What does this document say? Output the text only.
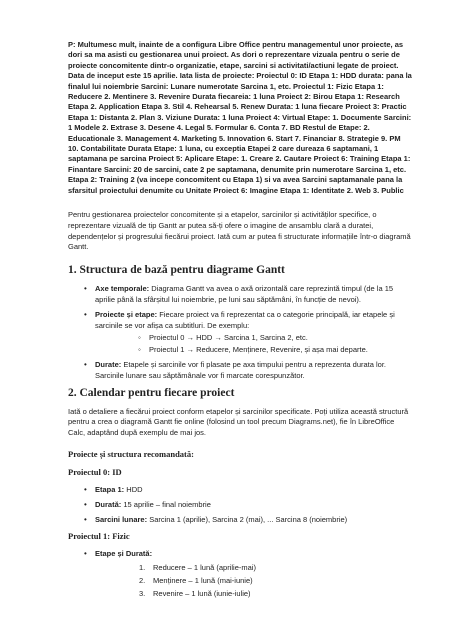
P: Multumesc mult, inainte de a configura Libre Office pentru managementul unor proiecte, as dori sa ma asisti cu gestionarea unui proiect. As dori o reprezentare vizuala pentru o serie de proiecte concomitente dintr-o organizatie, etape, sarcini si activitati/actiuni legate de proiect. Data de inceput este 15 aprilie. Iata lista de proiecte: Proiectul 0: ID Etapa 1: HDD durata: pana la finalul lui noiembrie Sarcini: Lunare numerotate Sarcina 1, etc. Proiectul 1: Fizic Etapa 1: Reducere 2. Mentinere 3. Revenire Durata fiecareia: 1 luna Proiect 2: Birou Etapa 1: Research Etapa 2. Application Etapa 3. Stil 4. Rehearsal 5. Renew Durata: 1 luna fiecare Proiect 3: Practic Etapa 1: Distanta 2. Plan 3. Viziune Durata: 1 luna Proiect 4: Virtual Etape: 1. Documente Sarcini: 1 Modele 2. Extrase 3. Desene 4. Legal 5. Formular 6. Conta 7. BD Restul de Etape: 2. Educationale 3. Management 4. Marketing 5. Innovation 6. Start 7. Financiar 8. Strategie 9. PM 10. Contabilitate Durata Etape: 1 luna, cu exceptia Etapei 2 care dureaza 6 saptamani, 1 saptamana pe sarcina Proiect 5: Aplicare Etape: 1. Creare 2. Cautare Proiect 6: Training Etapa 1: Finantare Sarcini: 20 de sarcini, cate 2 pe saptamana, denumite prin numerotare Sarcina 1, etc. Etapa 2: Training 2 (va incepe concomitent cu Etapa 1) si va avea Sarcini saptamanale pana la sfarsitul proiectului denumite cu Unitate Proiect 6: Imagine Etapa 1: Identitate 2. Web 3. Public

Pentru gestionarea proiectelor concomitente și a etapelor, sarcinilor și activităților specifice, o reprezentare vizuală de tip Gantt ar putea să-ți ofere o imagine de ansamblu clară a duratei, dependențelor și progresului fiecărui proiect. Iată cum ar putea fi structurate informațiile într-o diagramă Gantt.

1. Structura de bază pentru diagrame Gantt
• Axe temporale: Diagrama Gantt va avea o axă orizontală care reprezintă timpul (de la 15 aprilie până la sfârșitul lui noiembrie, pe luni sau săptămâni, în funcție de nevoi).
• Proiecte și etape: Fiecare proiect va fi reprezentat ca o categorie principală, iar etapele și sarcinile se vor afișa ca subtitluri. De exemplu:
◦ Proiectul 0 → HDD → Sarcina 1, Sarcina 2, etc.
◦ Proiectul 1 → Reducere, Menținere, Revenire, și așa mai departe.
• Durate: Etapele și sarcinile vor fi plasate pe axa timpului pentru a reprezenta durata lor. Sarcinile lunare sau săptămânale vor fi marcate corespunzător.
2. Calendar pentru fiecare proiect

Iată o detaliere a fiecărui proiect conform etapelor și sarcinilor specificate. Poți utiliza această structură pentru a crea o diagramă Gantt fie online (folosind un tool precum Diagrams.net), fie în LibreOffice Calc, adaptând după exemplu de mai jos.

Proiecte și structura recomandată:
Proiectul 0: ID
• Etapa 1: HDD
• Durată: 15 aprilie – final noiembrie
• Sarcini lunare: Sarcina 1 (aprilie), Sarcina 2 (mai), ... Sarcina 8 (noiembrie)
Proiectul 1: Fizic
• Etape și Durată:
1. Reducere – 1 lună (aprilie-mai)
2. Menținere – 1 lună (mai-iunie)
3. Revenire – 1 lună (iunie-iulie)
